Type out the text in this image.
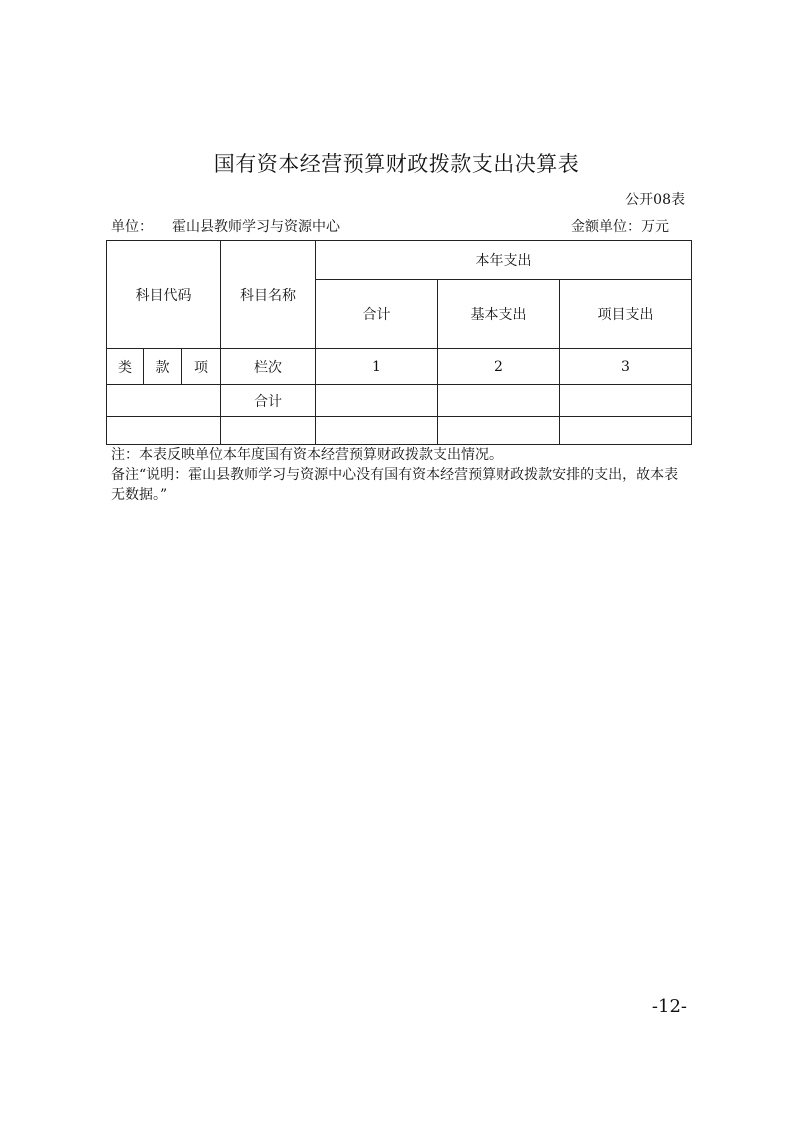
国有资本经营预算财政拨款支出决算表
公开08表
单位： 霍山县教师学习与资源中心	金额单位：万元
科目代码			科目名称	本年支出		
				合计	基本支出	项目支出
类	款	项	栏次	1	2	3
			合计			

注：本表反映单位本年度国有资本经营预算财政拨款支出情况。
备注“说明：霍山县教师学习与资源中心没有国有资本经营预算财政拨款安排的支出，故本表无数据。”
-12-
